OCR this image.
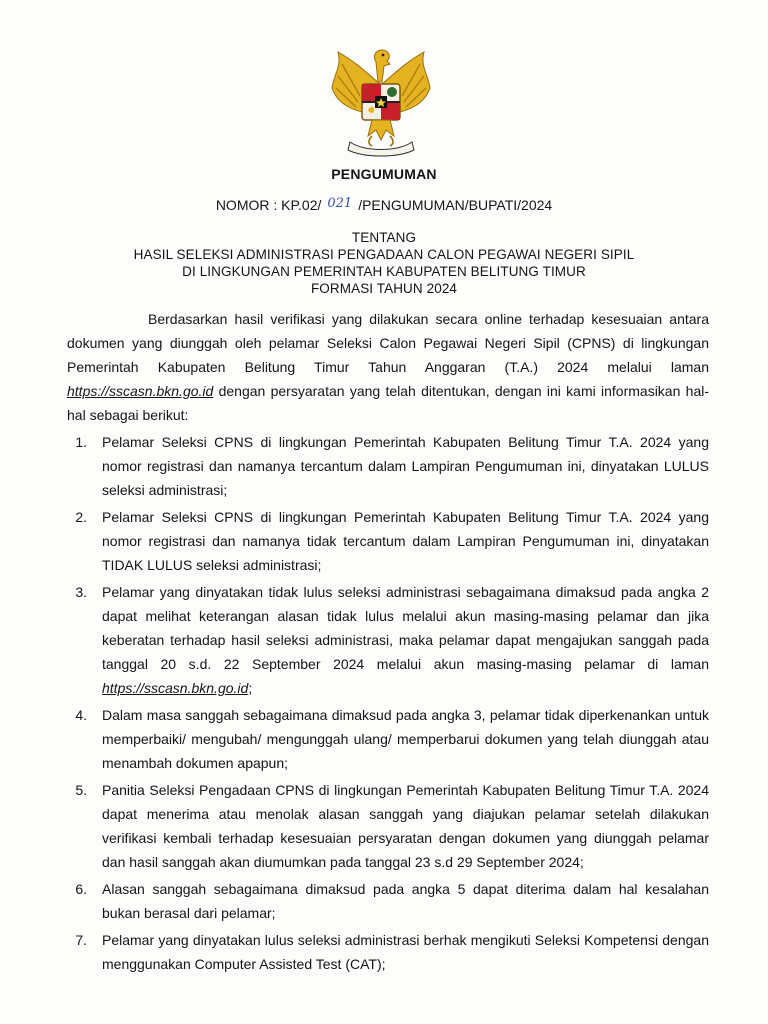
PENGUMUMAN
NOMOR : KP.02/ 021 /PENGUMUMAN/BUPATI/2024
TENTANG
HASIL SELEKSI ADMINISTRASI PENGADAAN CALON PEGAWAI NEGERI SIPIL
DI LINGKUNGAN PEMERINTAH KABUPATEN BELITUNG TIMUR
FORMASI TAHUN 2024

Berdasarkan hasil verifikasi yang dilakukan secara online terhadap kesesuaian antara dokumen yang diunggah oleh pelamar Seleksi Calon Pegawai Negeri Sipil (CPNS) di lingkungan Pemerintah Kabupaten Belitung Timur Tahun Anggaran (T.A.) 2024 melalui laman https://sscasn.bkn.go.id dengan persyaratan yang telah ditentukan, dengan ini kami informasikan hal-hal sebagai berikut:

1. Pelamar Seleksi CPNS di lingkungan Pemerintah Kabupaten Belitung Timur T.A. 2024 yang nomor registrasi dan namanya tercantum dalam Lampiran Pengumuman ini, dinyatakan LULUS seleksi administrasi;
2. Pelamar Seleksi CPNS di lingkungan Pemerintah Kabupaten Belitung Timur T.A. 2024 yang nomor registrasi dan namanya tidak tercantum dalam Lampiran Pengumuman ini, dinyatakan TIDAK LULUS seleksi administrasi;
3. Pelamar yang dinyatakan tidak lulus seleksi administrasi sebagaimana dimaksud pada angka 2 dapat melihat keterangan alasan tidak lulus melalui akun masing-masing pelamar dan jika keberatan terhadap hasil seleksi administrasi, maka pelamar dapat mengajukan sanggah pada tanggal 20 s.d. 22 September 2024 melalui akun masing-masing pelamar di laman https://sscasn.bkn.go.id;
4. Dalam masa sanggah sebagaimana dimaksud pada angka 3, pelamar tidak diperkenankan untuk memperbaiki/ mengubah/ mengunggah ulang/ memperbarui dokumen yang telah diunggah atau menambah dokumen apapun;
5. Panitia Seleksi Pengadaan CPNS di lingkungan Pemerintah Kabupaten Belitung Timur T.A. 2024 dapat menerima atau menolak alasan sanggah yang diajukan pelamar setelah dilakukan verifikasi kembali terhadap kesesuaian persyaratan dengan dokumen yang diunggah pelamar dan hasil sanggah akan diumumkan pada tanggal 23 s.d 29 September 2024;
6. Alasan sanggah sebagaimana dimaksud pada angka 5 dapat diterima dalam hal kesalahan bukan berasal dari pelamar;
7. Pelamar yang dinyatakan lulus seleksi administrasi berhak mengikuti Seleksi Kompetensi dengan menggunakan Computer Assisted Test (CAT);
